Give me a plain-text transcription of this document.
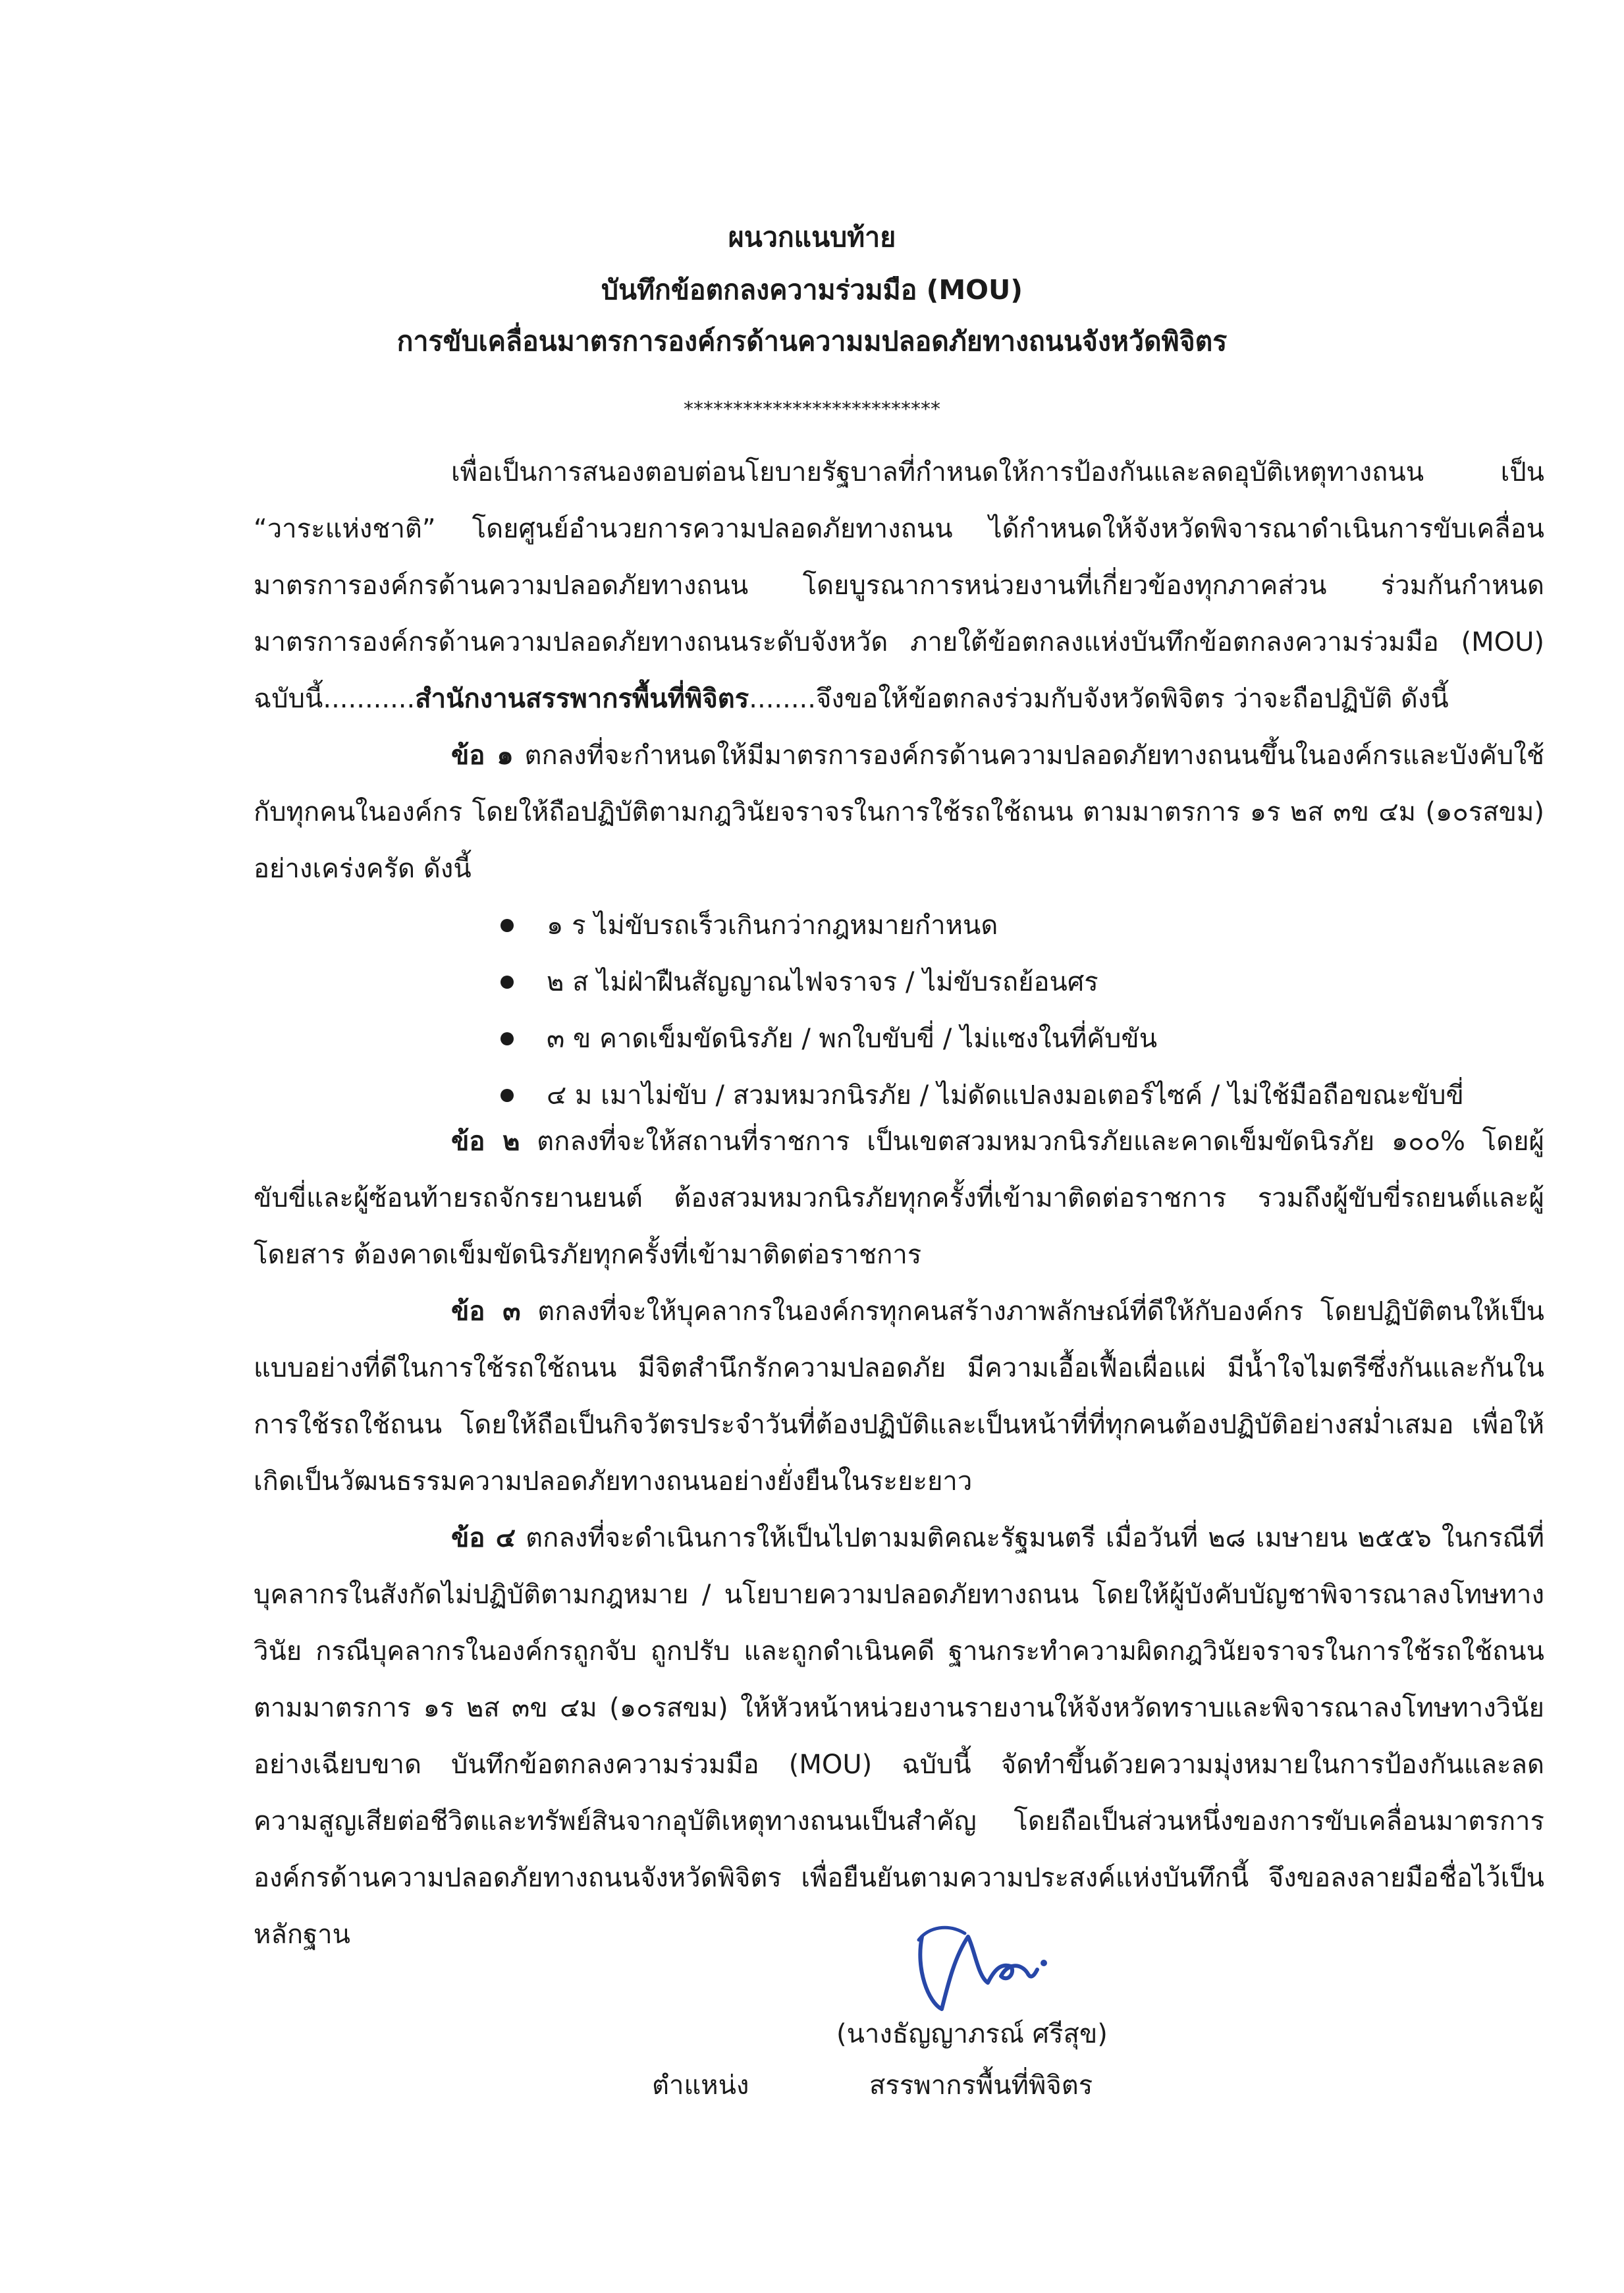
ผนวกแนบท้าย
บันทึกข้อตกลงความร่วมมือ (MOU)
การขับเคลื่อนมาตรการองค์กรด้านความมปลอดภัยทางถนนจังหวัดพิจิตร
**************************
เพื่อเป็นการสนองตอบต่อนโยบายรัฐบาลที่กำหนดให้การป้องกันและลดอุบัติเหตุทางถนน เป็น “วาระแห่งชาติ” โดยศูนย์อำนวยการความปลอดภัยทางถนน ได้กำหนดให้จังหวัดพิจารณาดำเนินการขับเคลื่อนมาตรการองค์กรด้านความปลอดภัยทางถนน โดยบูรณาการหน่วยงานที่เกี่ยวข้องทุกภาคส่วน ร่วมกันกำหนดมาตรการองค์กรด้านความปลอดภัยทางถนนระดับจังหวัด ภายใต้ข้อตกลงแห่งบันทึกข้อตกลงความร่วมมือ (MOU) ฉบับนี้...........สำนักงานสรรพากรพื้นที่พิจิตร........จึงขอให้ข้อตกลงร่วมกับจังหวัดพิจิตร ว่าจะถือปฏิบัติ ดังนี้
ข้อ ๑ ตกลงที่จะกำหนดให้มีมาตรการองค์กรด้านความปลอดภัยทางถนนขึ้นในองค์กรและบังคับใช้กับทุกคนในองค์กร โดยให้ถือปฏิบัติตามกฎวินัยจราจรในการใช้รถใช้ถนน ตามมาตรการ ๑ร ๒ส ๓ข ๔ม (๑๐รสขม) อย่างเคร่งครัด ดังนี้
๑ ร ไม่ขับรถเร็วเกินกว่ากฎหมายกำหนด
๒ ส ไม่ฝ่าฝืนสัญญาณไฟจราจร / ไม่ขับรถย้อนศร
๓ ข คาดเข็มขัดนิรภัย / พกใบขับขี่ / ไม่แซงในที่คับขัน
๔ ม เมาไม่ขับ / สวมหมวกนิรภัย / ไม่ดัดแปลงมอเตอร์ไซค์ / ไม่ใช้มือถือขณะขับขี่
ข้อ ๒ ตกลงที่จะให้สถานที่ราชการ เป็นเขตสวมหมวกนิรภัยและคาดเข็มขัดนิรภัย ๑๐๐% โดยผู้ขับขี่และผู้ซ้อนท้ายรถจักรยานยนต์ ต้องสวมหมวกนิรภัยทุกครั้งที่เข้ามาติดต่อราชการ รวมถึงผู้ขับขี่รถยนต์และผู้โดยสาร ต้องคาดเข็มขัดนิรภัยทุกครั้งที่เข้ามาติดต่อราชการ
ข้อ ๓ ตกลงที่จะให้บุคลากรในองค์กรทุกคนสร้างภาพลักษณ์ที่ดีให้กับองค์กร โดยปฏิบัติตนให้เป็นแบบอย่างที่ดีในการใช้รถใช้ถนน มีจิตสำนึกรักความปลอดภัย มีความเอื้อเฟื้อเผื่อแผ่ มีน้ำใจไมตรีซึ่งกันและกันในการใช้รถใช้ถนน โดยให้ถือเป็นกิจวัตรประจำวันที่ต้องปฏิบัติและเป็นหน้าที่ที่ทุกคนต้องปฏิบัติอย่างสม่ำเสมอ เพื่อให้เกิดเป็นวัฒนธรรมความปลอดภัยทางถนนอย่างยั่งยืนในระยะยาว
ข้อ ๔ ตกลงที่จะดำเนินการให้เป็นไปตามมติคณะรัฐมนตรี เมื่อวันที่ ๒๘ เมษายน ๒๕๕๖ ในกรณีที่บุคลากรในสังกัดไม่ปฏิบัติตามกฎหมาย / นโยบายความปลอดภัยทางถนน โดยให้ผู้บังคับบัญชาพิจารณาลงโทษทางวินัย กรณีบุคลากรในองค์กรถูกจับ ถูกปรับ และถูกดำเนินคดี ฐานกระทำความผิดกฎวินัยจราจรในการใช้รถใช้ถนน ตามมาตรการ ๑ร ๒ส ๓ข ๔ม (๑๐รสขม) ให้หัวหน้าหน่วยงานรายงานให้จังหวัดทราบและพิจารณาลงโทษทางวินัยอย่างเฉียบขาด	บันทึกข้อตกลงความร่วมมือ (MOU) ฉบับนี้ จัดทำขึ้นด้วยความมุ่งหมายในการป้องกันและลดความสูญเสียต่อชีวิตและทรัพย์สินจากอุบัติเหตุทางถนนเป็นสำคัญ โดยถือเป็นส่วนหนึ่งของการขับเคลื่อนมาตรการองค์กรด้านความปลอดภัยทางถนนจังหวัดพิจิตร เพื่อยืนยันตามความประสงค์แห่งบันทึกนี้ จึงขอลงลายมือชื่อไว้เป็นหลักฐาน
(นางธัญญาภรณ์ ศรีสุข)
ตำแหน่ง	สรรพากรพื้นที่พิจิตร
